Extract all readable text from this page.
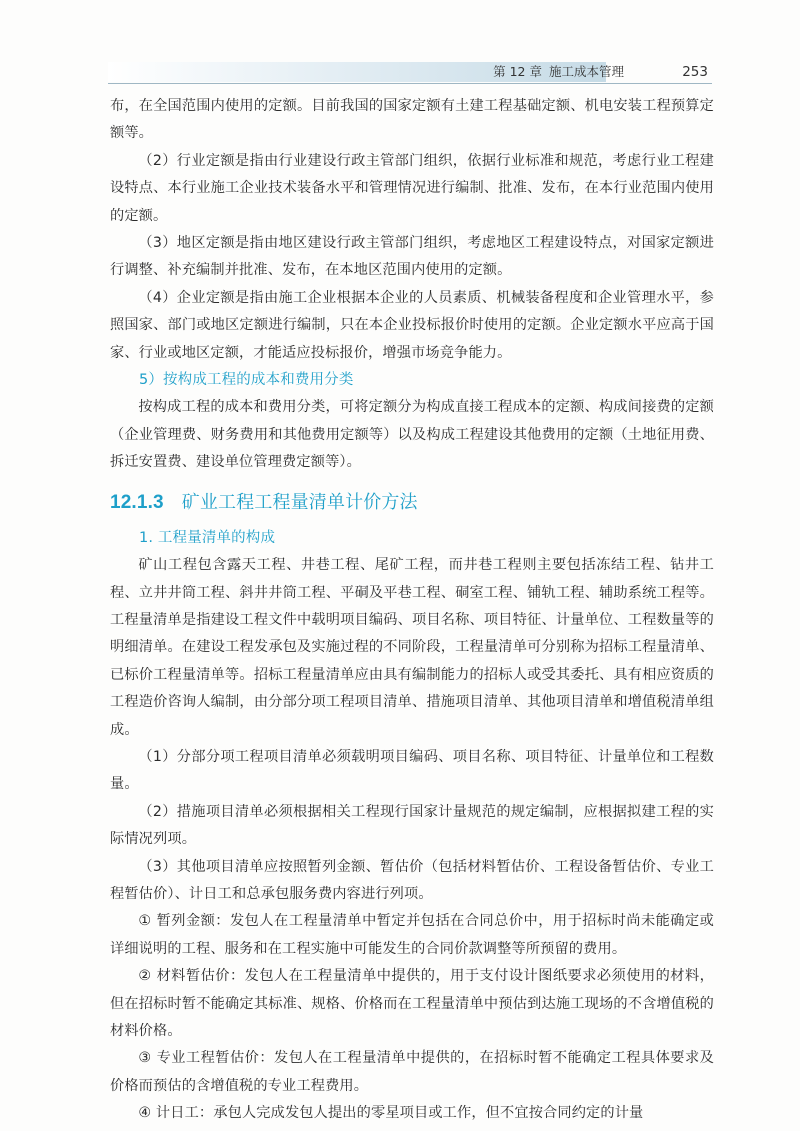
第 12 章 施工成本管理	253

布，在全国范围内使用的定额。目前我国的国家定额有土建工程基础定额、机电安装工程预算定额等。

（2）行业定额是指由行业建设行政主管部门组织，依据行业标准和规范，考虑行业工程建设特点、本行业施工企业技术装备水平和管理情况进行编制、批准、发布，在本行业范围内使用的定额。

（3）地区定额是指由地区建设行政主管部门组织，考虑地区工程建设特点，对国家定额进行调整、补充编制并批准、发布，在本地区范围内使用的定额。

（4）企业定额是指由施工企业根据本企业的人员素质、机械装备程度和企业管理水平，参照国家、部门或地区定额进行编制，只在本企业投标报价时使用的定额。企业定额水平应高于国家、行业或地区定额，才能适应投标报价，增强市场竞争能力。

5）按构成工程的成本和费用分类

按构成工程的成本和费用分类，可将定额分为构成直接工程成本的定额、构成间接费的定额（企业管理费、财务费用和其他费用定额等）以及构成工程建设其他费用的定额（土地征用费、拆迁安置费、建设单位管理费定额等）。

12.1.3 矿业工程工程量清单计价方法

1. 工程量清单的构成

矿山工程包含露天工程、井巷工程、尾矿工程，而井巷工程则主要包括冻结工程、钻井工程、立井井筒工程、斜井井筒工程、平硐及平巷工程、硐室工程、铺轨工程、辅助系统工程等。工程量清单是指建设工程文件中载明项目编码、项目名称、项目特征、计量单位、工程数量等的明细清单。在建设工程发承包及实施过程的不同阶段，工程量清单可分别称为招标工程量清单、已标价工程量清单等。招标工程量清单应由具有编制能力的招标人或受其委托、具有相应资质的工程造价咨询人编制，由分部分项工程项目清单、措施项目清单、其他项目清单和增值税清单组成。

（1）分部分项工程项目清单必须载明项目编码、项目名称、项目特征、计量单位和工程数量。

（2）措施项目清单必须根据相关工程现行国家计量规范的规定编制，应根据拟建工程的实际情况列项。

（3）其他项目清单应按照暂列金额、暂估价（包括材料暂估价、工程设备暂估价、专业工程暂估价）、计日工和总承包服务费内容进行列项。

① 暂列金额：发包人在工程量清单中暂定并包括在合同总价中，用于招标时尚未能确定或详细说明的工程、服务和在工程实施中可能发生的合同价款调整等所预留的费用。

② 材料暂估价：发包人在工程量清单中提供的，用于支付设计图纸要求必须使用的材料，但在招标时暂不能确定其标准、规格、价格而在工程量清单中预估到达施工现场的不含增值税的材料价格。

③ 专业工程暂估价：发包人在工程量清单中提供的，在招标时暂不能确定工程具体要求及价格而预估的含增值税的专业工程费用。

④ 计日工：承包人完成发包人提出的零星项目或工作，但不宜按合同约定的计量
